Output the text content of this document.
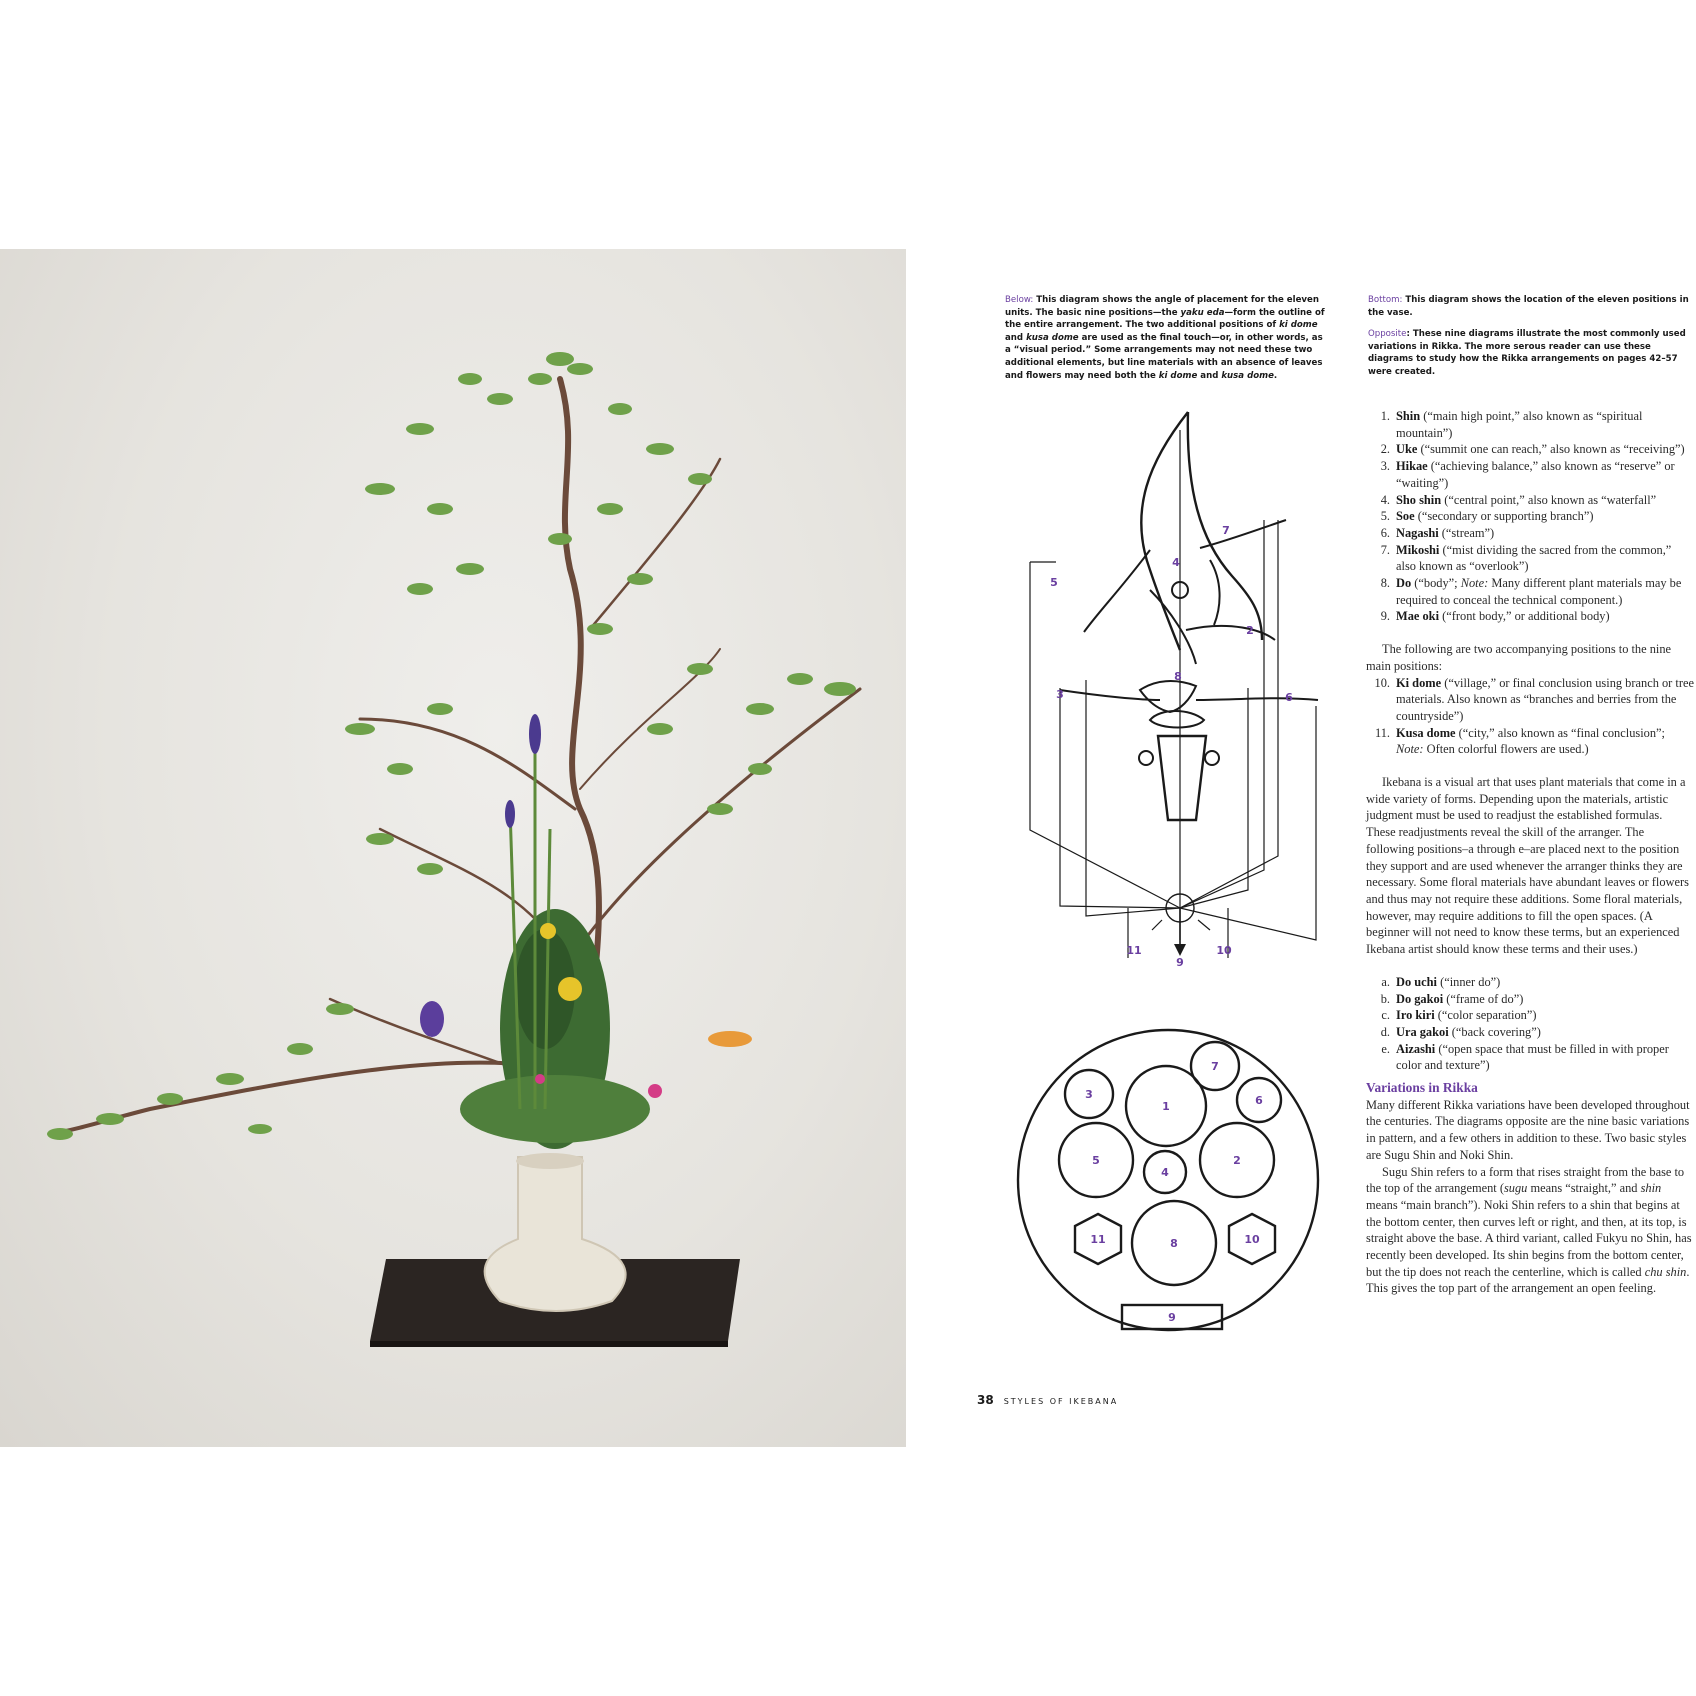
Below: This diagram shows the angle of placement for the eleven units. The basic nine positions—the yaku eda—form the outline of the entire arrangement. The two additional positions of ki dome and kusa dome are used as the final touch—or, in other words, as a “visual period.” Some arrangements may not need these two additional elements, but line materials with an absence of leaves and flowers may need both the ki dome and kusa dome.

Bottom: This diagram shows the location of the eleven positions in the vase.

Opposite: These nine diagrams illustrate the most commonly used variations in Rikka. The more serous reader can use these diagrams to study how the Rikka arrangements on pages 42–57 were created.

4
7
5
2
8
3	6
11
9
10
1
7
3	6
5
4
2
11	10
8
9
1. Shin (“main high point,” also known as “spiritual mountain”)
2. Uke (“summit one can reach,” also known as “receiving”)
3. Hikae (“achieving balance,” also known as “reserve” or “waiting”)
4. Sho shin (“central point,” also known as “waterfall”
5. Soe (“secondary or supporting branch”)
6. Nagashi (“stream”)
7. Mikoshi (“mist dividing the sacred from the common,” also known as “overlook”)
8. Do (“body”; Note: Many different plant materials may be required to conceal the technical component.)
9. Mae oki (“front body,” or additional body)

The following are two accompanying positions to the nine main positions:

10. Ki dome (“village,” or final conclusion using branch or tree materials. Also known as “branches and berries from the countryside”)
11. Kusa dome (“city,” also known as “final conclusion”; Note: Often colorful flowers are used.)

Ikebana is a visual art that uses plant materials that come in a wide variety of forms. Depending upon the materials, artistic judgment must be used to readjust the established formulas. These readjustments reveal the skill of the arranger. The following positions–a through e–are placed next to the position they support and are used whenever the arranger thinks they are necessary. Some floral materials have abundant leaves or flowers and thus may not require these additions. Some floral materials, however, may require additions to fill the open spaces. (A beginner will not need to know these terms, but an experienced Ikebana artist should know these terms and their uses.)

a. Do uchi (“inner do”)
b. Do gakoi (“frame of do”)
c. Iro kiri (“color separation”)
d. Ura gakoi (“back covering”)
e. Aizashi (“open space that must be filled in with proper color and texture”)

Variations in Rikka

Many different Rikka variations have been developed throughout the centuries. The diagrams opposite are the nine basic variations in pattern, and a few others in addition to these. Two basic styles are Sugu Shin and Noki Shin.

Sugu Shin refers to a form that rises straight from the base to the top of the arrangement (sugu means “straight,” and shin means “main branch”). Noki Shin refers to a shin that begins at the bottom center, then curves left or right, and then, at its top, is straight above the base. A third variant, called Fukyu no Shin, has recently been developed. Its shin begins from the bottom center, but the tip does not reach the centerline, which is called chu shin. This gives the top part of the arrangement an open feeling.

38 STYLES OF IKEBANA
